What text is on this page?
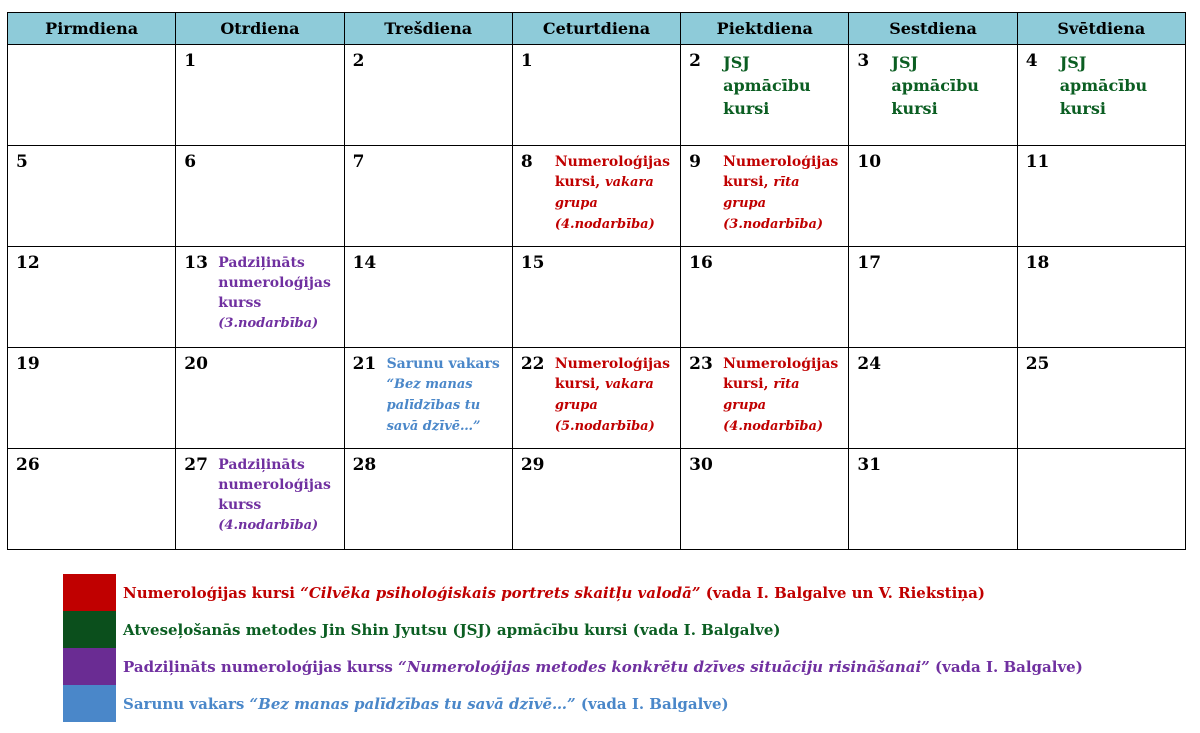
Pirmdiena	Otrdiena	Trešdiena	Ceturtdiena	Piektdiena	Sestdiena	Svētdiena

	1	2	1	2 JSJ apmācību kursi	3 JSJ apmācību kursi	4 JSJ apmācību kursi

5	6	7	8 Numeroloģijas kursi, vakara grupa (4.nodarbība)	9 Numeroloģijas kursi, rīta grupa (3.nodarbība)	10	11

12	13 Padziļināts numeroloģijas kurss (3.nodarbība)	14	15	16	17	18

19	20	21 Sarunu vakars “Bez manas palīdzības tu savā dzīvē…”	22 Numeroloģijas kursi, vakara grupa (5.nodarbība)	23 Numeroloģijas kursi, rīta grupa (4.nodarbība)	24	25

26	27 Padziļināts numeroloģijas kurss (4.nodarbība)	28	29	30	31	

Numeroloģijas kursi “Cilvēka psiholoģiskais portrets skaitļu valodā” (vada I. Balgalve un V. Riekstiņa)
Atveseļošanās metodes Jin Shin Jyutsu (JSJ) apmācību kursi (vada I. Balgalve)
Padziļināts numeroloģijas kurss “Numeroloģijas metodes konkrētu dzīves situāciju risināšanai” (vada I. Balgalve)
Sarunu vakars “Bez manas palīdzības tu savā dzīvē…” (vada I. Balgalve)
